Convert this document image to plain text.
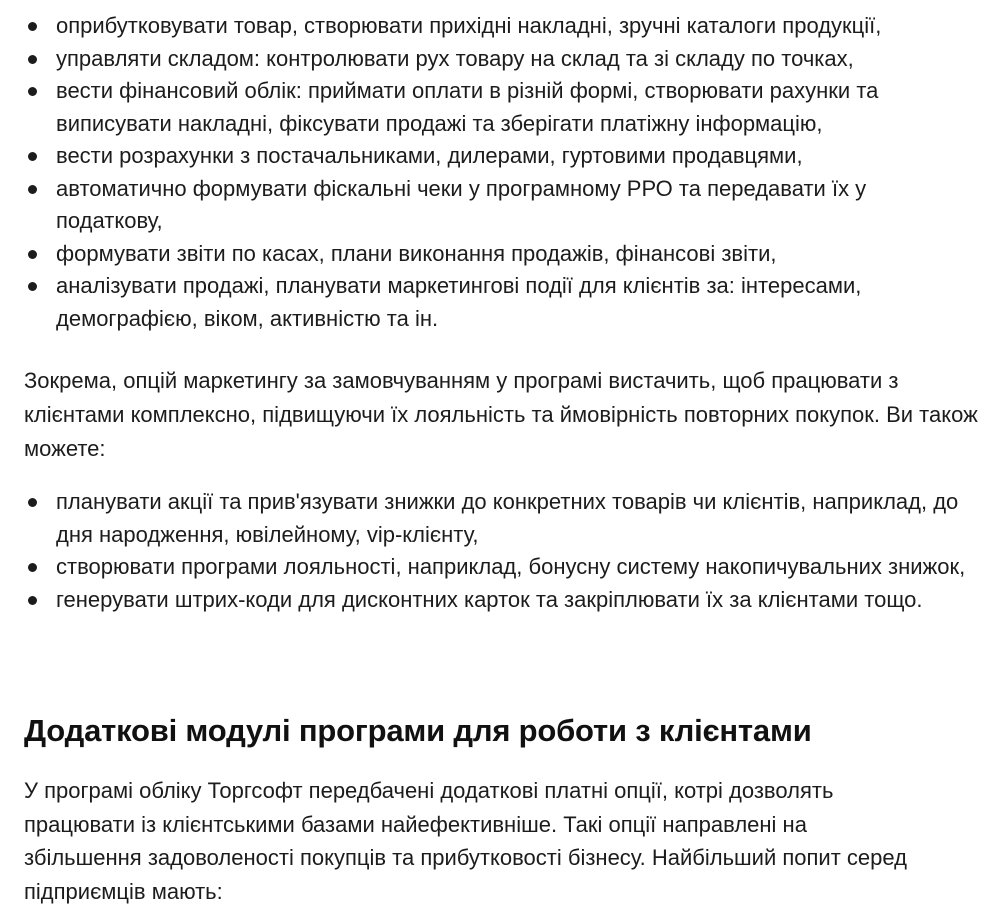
оприбутковувати товар, створювати прихідні накладні, зручні каталоги продукції,
управляти складом: контролювати рух товару на склад та зі складу по точках,
вести фінансовий облік: приймати оплати в різній формі, створювати рахунки та виписувати накладні, фіксувати продажі та зберігати платіжну інформацію,
вести розрахунки з постачальниками, дилерами, гуртовими продавцями,
автоматично формувати фіскальні чеки у програмному РРО та передавати їх у податкову,
формувати звіти по касах, плани виконання продажів, фінансові звіти,
аналізувати продажі, планувати маркетингові події для клієнтів за: інтересами, демографією, віком, активністю та ін.

Зокрема, опцій маркетингу за замовчуванням у програмі вистачить, щоб працювати з клієнтами комплексно, підвищуючи їх лояльність та ймовірність повторних покупок. Ви також можете:

планувати акції та прив'язувати знижки до конкретних товарів чи клієнтів, наприклад, до дня народження, ювілейному, vip-клієнту,
створювати програми лояльності, наприклад, бонусну систему накопичувальних знижок,
генерувати штрих-коди для дисконтних карток та закріплювати їх за клієнтами тощо.
Додаткові модулі програми для роботи з клієнтами

У програмі обліку Торгсофт передбачені додаткові платні опції, котрі дозволять працювати із клієнтськими базами найефективніше. Такі опції направлені на збільшення задоволеності покупців та прибутковості бізнесу. Найбільший попит серед підприємців мають:
